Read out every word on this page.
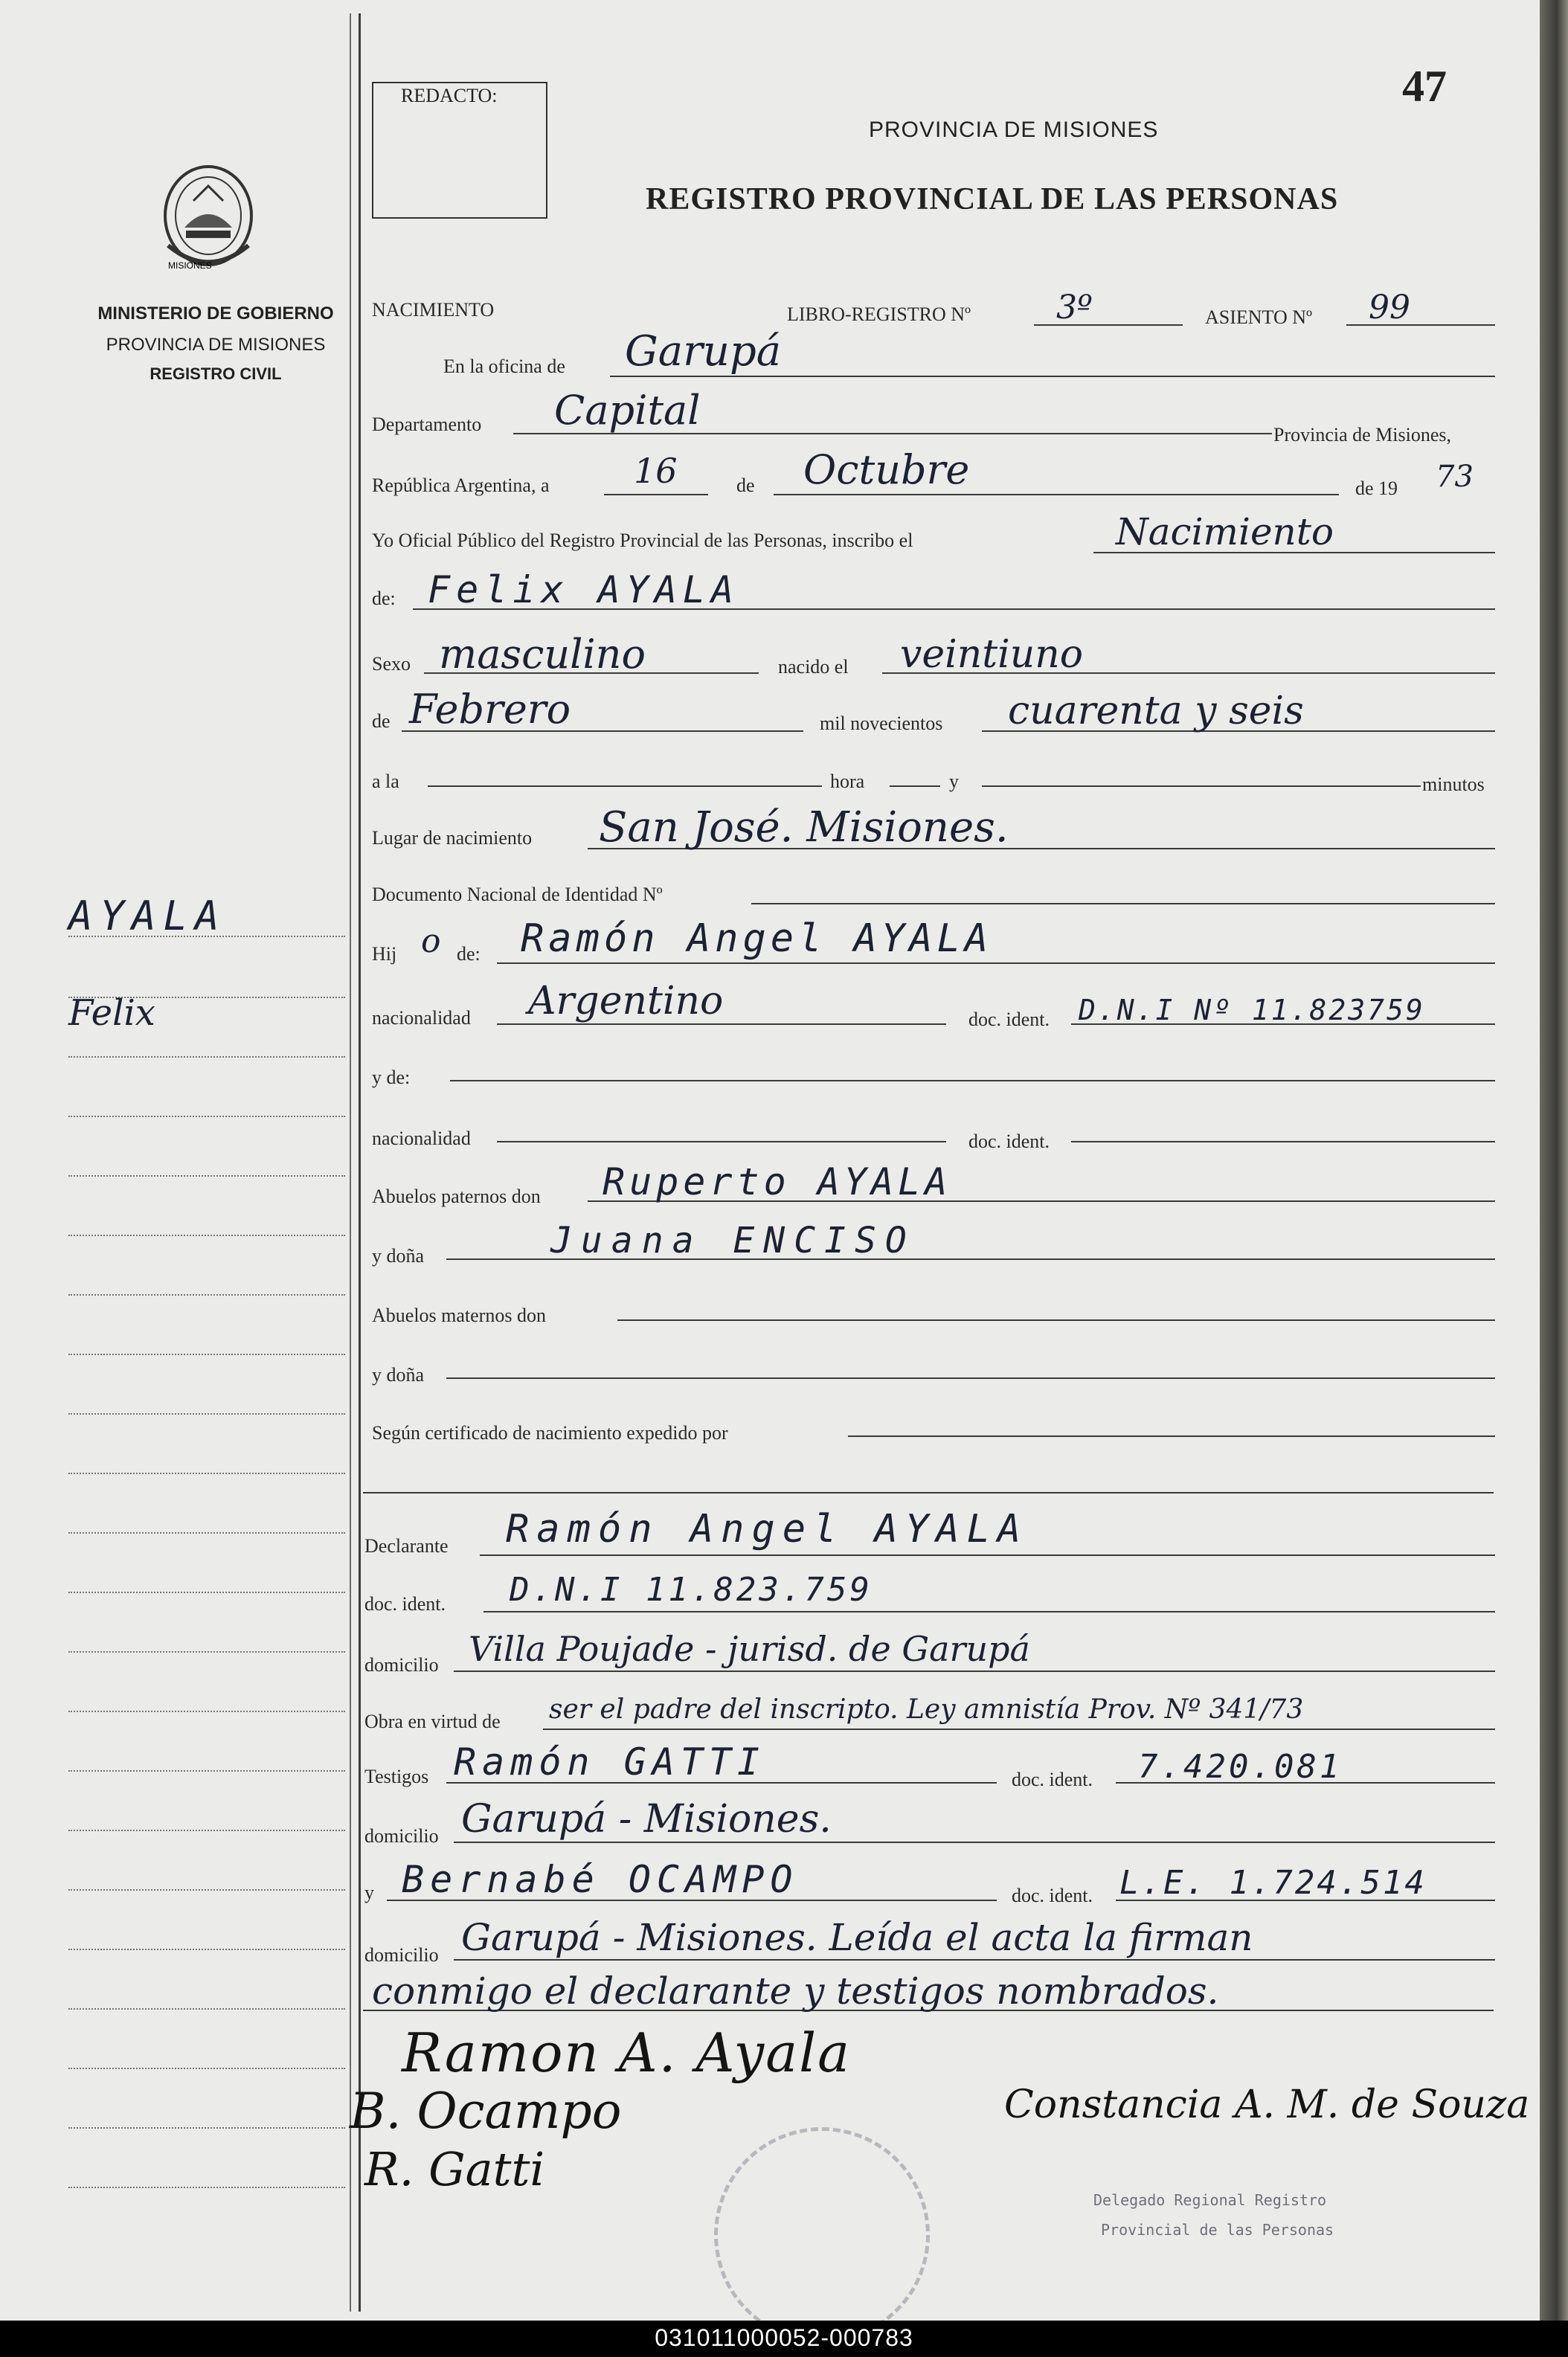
47
REDACTO:
PROVINCIA DE MISIONES
REGISTRO PROVINCIAL DE LAS PERSONAS
MISIONES
MINISTERIO DE GOBIERNO
PROVINCIA DE MISIONES
REGISTRO CIVIL
AYALA
Felix
NACIMIENTO	LIBRO-REGISTRO Nº	3º	ASIENTO Nº 99
En la oficina de Garupá
Departamento Capital
Provincia de Misiones,
República Argentina, a 16	de Octubre	de 19 73
Yo Oficial Público del Registro Provincial de las Personas, inscribo el	Nacimiento
de: Felix AYALA
Sexo masculino	nacido el veintiuno
de Febrero	mil novecientos cuarenta y seis
a la	hora	y	minutos
Lugar de nacimiento San José. Misiones.
Documento Nacional de Identidad Nº
Hij o de: Ramón Angel AYALA
nacionalidad Argentino	doc. ident. D.N.I Nº 11.823759
y de:
nacionalidad	doc. ident.
Abuelos paternos don Ruperto AYALA
y doña	Juana ENCISO
Abuelos maternos don
y doña
Según certificado de nacimiento expedido por
Declarante Ramón Angel AYALA
doc. ident. D.N.I 11.823.759
domicilio Villa Poujade - jurisd. de Garupá
Obra en virtud de ser el padre del inscripto. Ley amnistía Prov. Nº 341/73
Testigos Ramón GATTI	doc. ident. 7.420.081
domicilio Garupá - Misiones.
y Bernabé OCAMPO	doc. ident. L.E. 1.724.514
domicilio Garupá - Misiones. Leída el acta la firman
conmigo el declarante y testigos nombrados.
Ramon A. Ayala
B. Ocampo
R. Gatti
Constancia A. M. de Souza
Delegado Regional Registro
Provincial de las Personas
031011000052-000783
